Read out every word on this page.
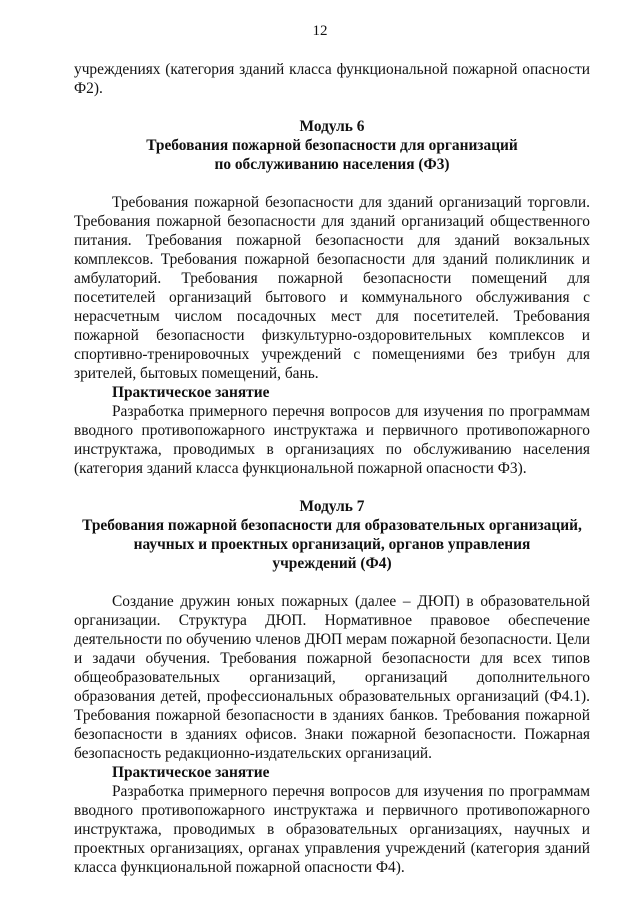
12

учреждениях (категория зданий класса функциональной пожарной опасности Ф2).

Модуль 6

Требования пожарной безопасности для организаций

по обслуживанию населения (Ф3)

Требования пожарной безопасности для зданий организаций торговли. Требования пожарной безопасности для зданий организаций общественного питания. Требования пожарной безопасности для зданий вокзальных комплексов. Требования пожарной безопасности для зданий поликлиник и амбулаторий. Требования пожарной безопасности помещений для посетителей организаций бытового и коммунального обслуживания с нерасчетным числом посадочных мест для посетителей. Требования пожарной безопасности физкультурно-оздоровительных комплексов и спортивно-тренировочных учреждений с помещениями без трибун для зрителей, бытовых помещений, бань.

Практическое занятие

Разработка примерного перечня вопросов для изучения по программам вводного противопожарного инструктажа и первичного противопожарного инструктажа, проводимых в организациях по обслуживанию населения (категория зданий класса функциональной пожарной опасности Ф3).

Модуль 7

Требования пожарной безопасности для образовательных организаций,

научных и проектных организаций, органов управления

учреждений (Ф4)

Создание дружин юных пожарных (далее – ДЮП) в образовательной организации. Структура ДЮП. Нормативное правовое обеспечение деятельности по обучению членов ДЮП мерам пожарной безопасности. Цели и задачи обучения. Требования пожарной безопасности для всех типов общеобразовательных организаций, организаций дополнительного образования детей, профессиональных образовательных организаций (Ф4.1). Требования пожарной безопасности в зданиях банков. Требования пожарной безопасности в зданиях офисов. Знаки пожарной безопасности. Пожарная безопасность редакционно-издательских организаций.

Практическое занятие

Разработка примерного перечня вопросов для изучения по программам вводного противопожарного инструктажа и первичного противопожарного инструктажа, проводимых в образовательных организациях, научных и проектных организациях, органах управления учреждений (категория зданий класса функциональной пожарной опасности Ф4).
